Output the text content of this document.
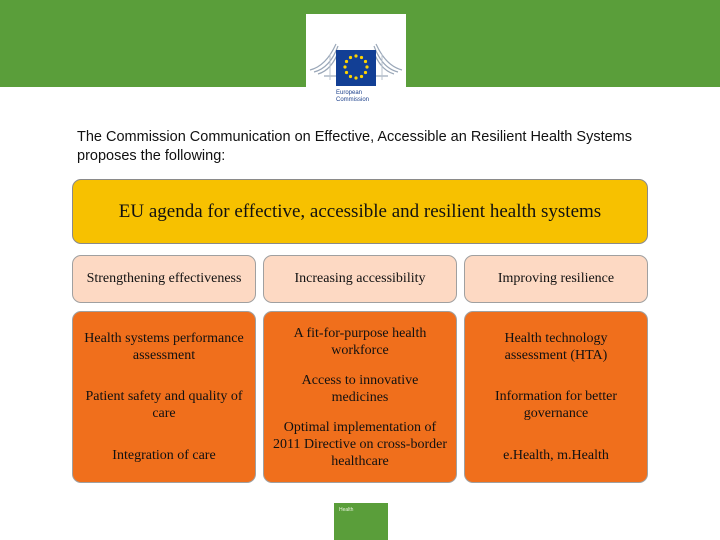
European
Commission
The Commission Communication on Effective, Accessible an Resilient Health Systems proposes the following:
EU agenda for effective, accessible and resilient health systems
Strengthening effectiveness	Increasing accessibility	Improving resilience
Health systems performance assessment
Patient safety and quality of care
Integration of care
A fit-for-purpose health workforce
Access to innovative medicines
Optimal implementation of 2011 Directive on cross-border healthcare
Health technology assessment (HTA)
Information for better governance
e.Health, m.Health
Health
